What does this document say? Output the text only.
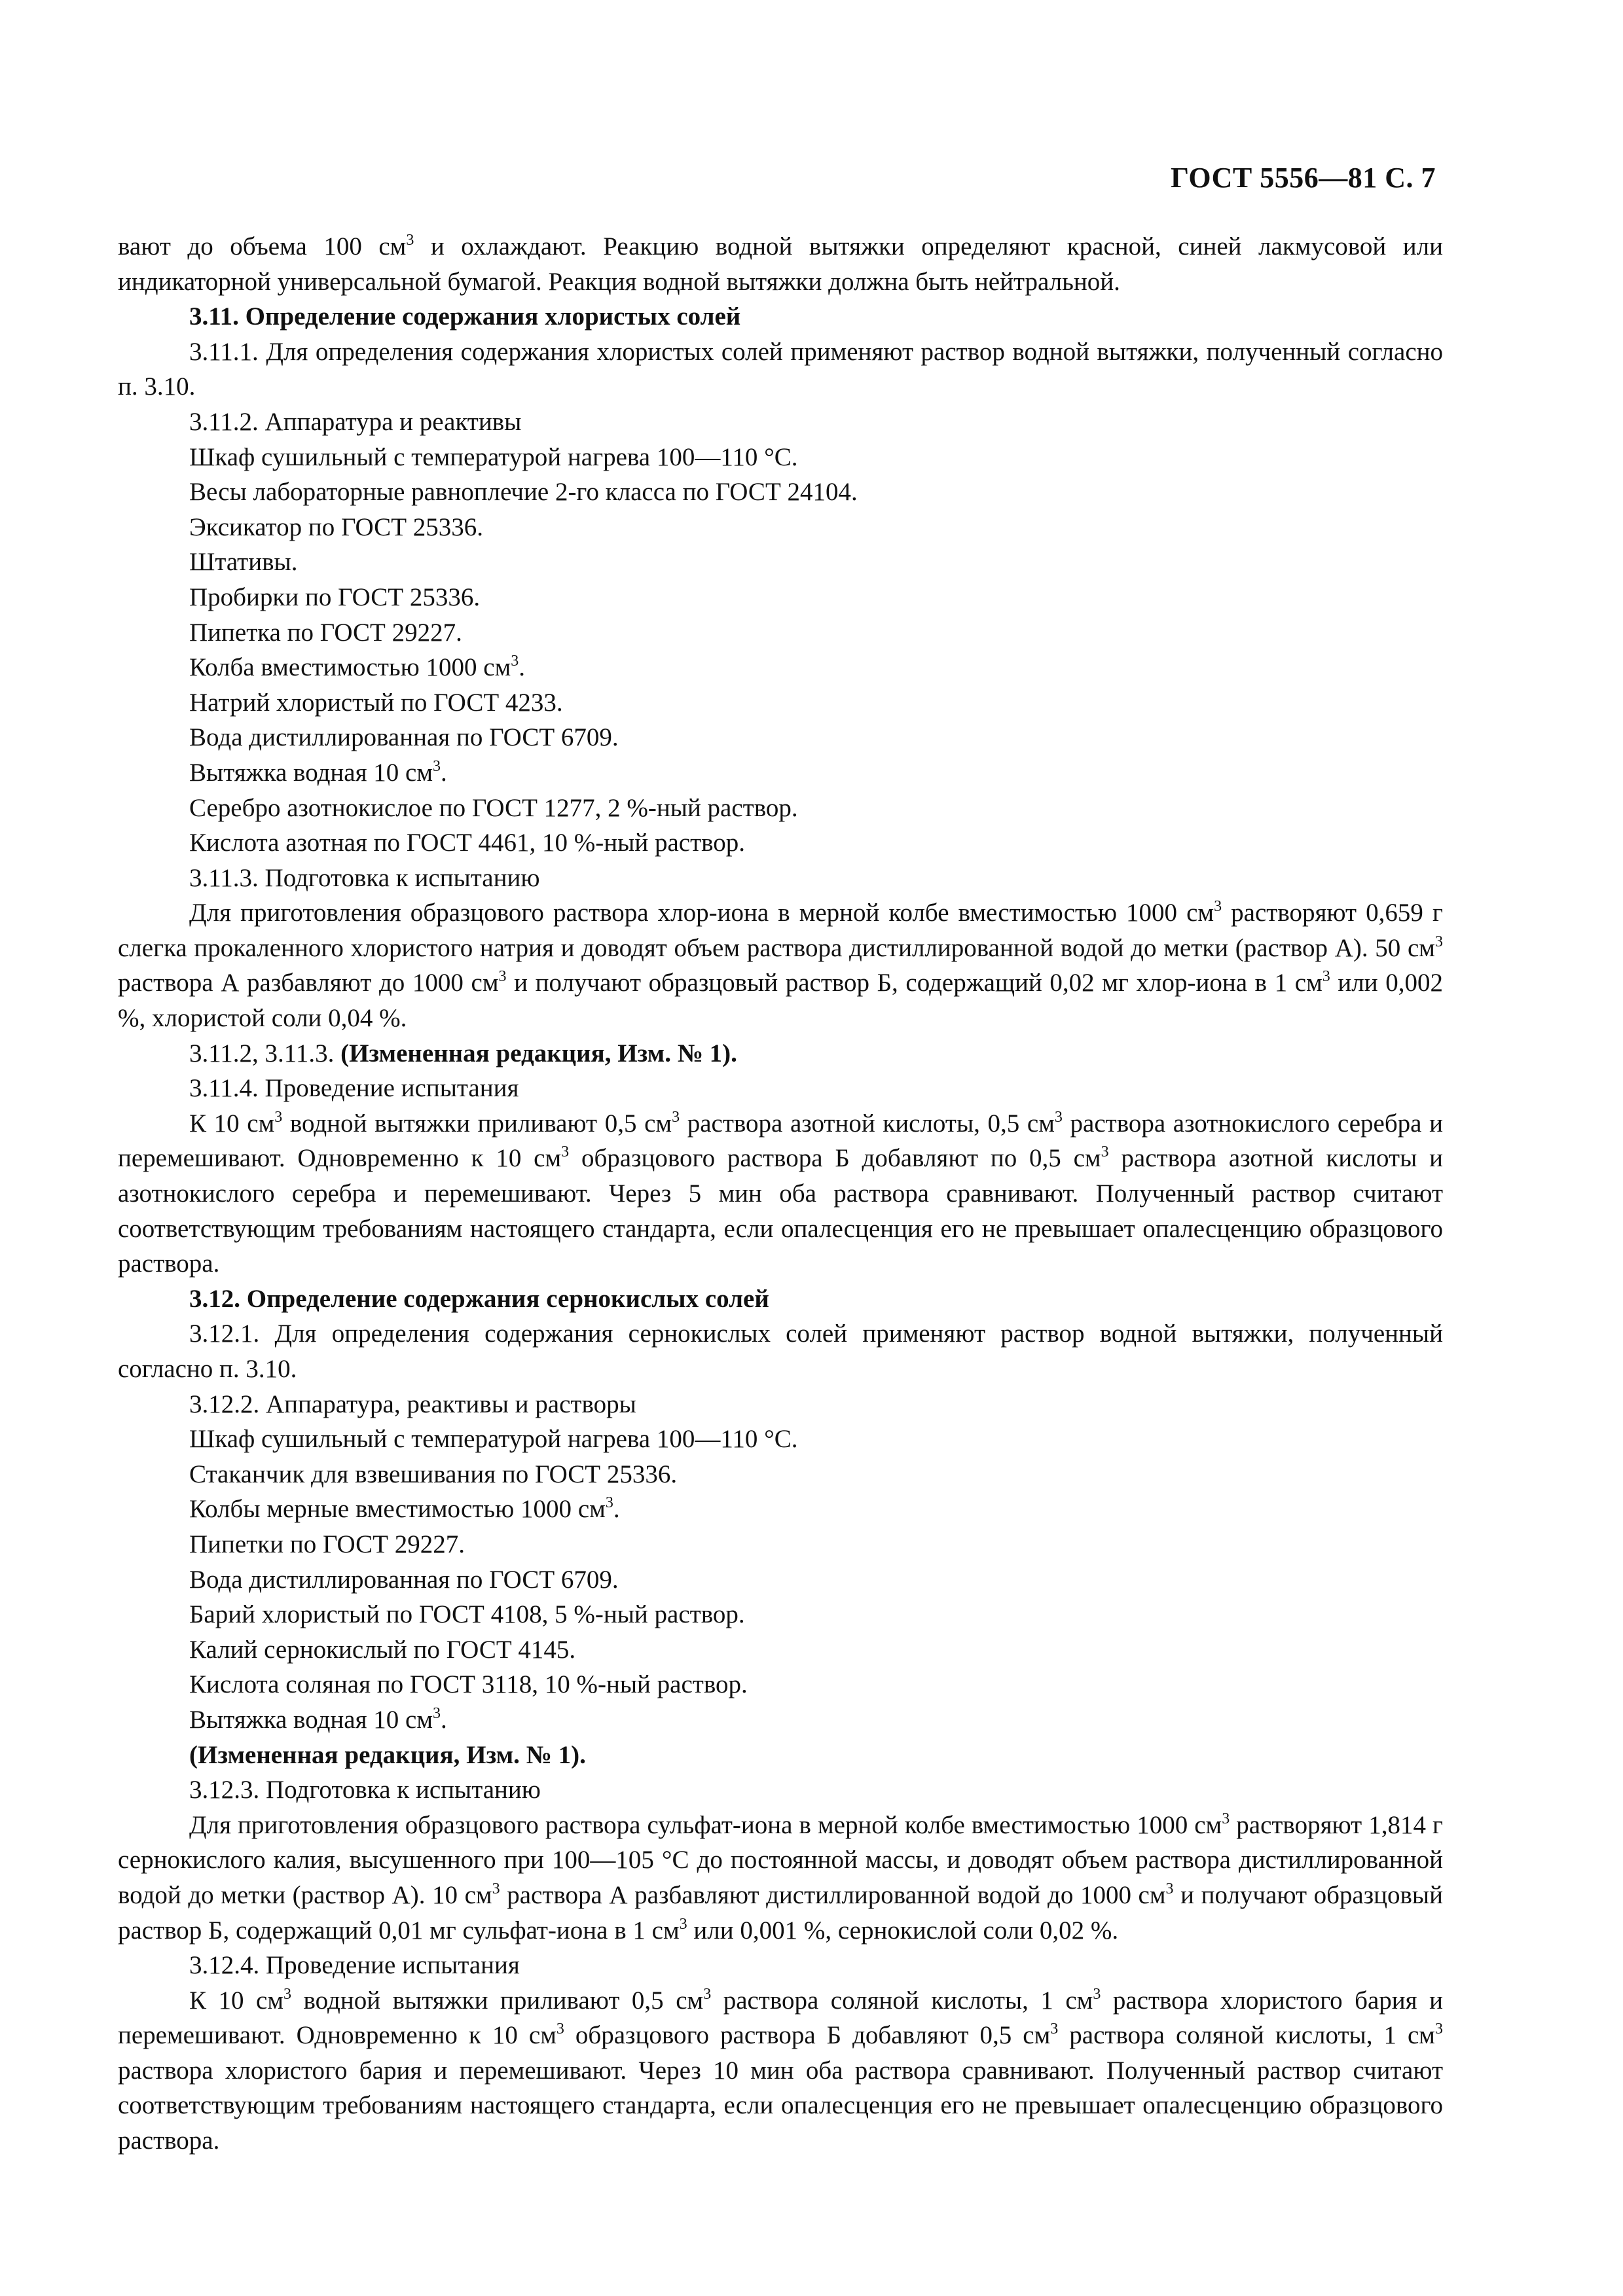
ГОСТ 5556—81 С. 7

вают до объема 100 $см^3$ и охлаждают. Реакцию водной вытяжки определяют красной, синей лакмусовой или индикаторной универсальной бумагой. Реакция водной вытяжки должна быть нейтральной.

3.11. Определение содержания хлористых солей

3.11.1. Для определения содержания хлористых солей применяют раствор водной вытяжки, полученный согласно п. 3.10.

3.11.2. Аппаратура и реактивы

Шкаф сушильный с температурой нагрева 100—110 °С.

Весы лабораторные равноплечие 2-го класса по ГОСТ 24104.

Эксикатор по ГОСТ 25336.

Штативы.

Пробирки по ГОСТ 25336.

Пипетка по ГОСТ 29227.

Колба вместимостью 1000 $см^3$.

Натрий хлористый по ГОСТ 4233.

Вода дистиллированная по ГОСТ 6709.

Вытяжка водная 10 $см^3$.

Серебро азотнокислое по ГОСТ 1277, 2 %-ный раствор.

Кислота азотная по ГОСТ 4461, 10 %-ный раствор.

3.11.3. Подготовка к испытанию

Для приготовления образцового раствора хлор-иона в мерной колбе вместимостью 1000 $см^3$ растворяют 0,659 г слегка прокаленного хлористого натрия и доводят объем раствора дистиллированной водой до метки (раствор А). 50 $см^3$ раствора А разбавляют до 1000 $см^3$ и получают образцовый раствор Б, содержащий 0,02 мг хлор-иона в 1 $см^3$ или 0,002 %, хлористой соли 0,04 %.

3.11.2, 3.11.3. (Измененная редакция, Изм. № 1).

3.11.4. Проведение испытания

К 10 $см^3$ водной вытяжки приливают 0,5 $см^3$ раствора азотной кислоты, 0,5 $см^3$ раствора азотнокислого серебра и перемешивают. Одновременно к 10 $см^3$ образцового раствора Б добавляют по 0,5 $см^3$ раствора азотной кислоты и азотнокислого серебра и перемешивают. Через 5 мин оба раствора сравнивают. Полученный раствор считают соответствующим требованиям настоящего стандарта, если опалесценция его не превышает опалесценцию образцового раствора.

3.12. Определение содержания сернокислых солей

3.12.1. Для определения содержания сернокислых солей применяют раствор водной вытяжки, полученный согласно п. 3.10.

3.12.2. Аппаратура, реактивы и растворы

Шкаф сушильный с температурой нагрева 100—110 °С.

Стаканчик для взвешивания по ГОСТ 25336.

Колбы мерные вместимостью 1000 $см^3$.

Пипетки по ГОСТ 29227.

Вода дистиллированная по ГОСТ 6709.

Барий хлористый по ГОСТ 4108, 5 %-ный раствор.

Калий сернокислый по ГОСТ 4145.

Кислота соляная по ГОСТ 3118, 10 %-ный раствор.

Вытяжка водная 10 $см^3$.

(Измененная редакция, Изм. № 1).

3.12.3. Подготовка к испытанию

Для приготовления образцового раствора сульфат-иона в мерной колбе вместимостью 1000 $см^3$ растворяют 1,814 г сернокислого калия, высушенного при 100—105 °С до постоянной массы, и доводят объем раствора дистиллированной водой до метки (раствор А). 10 $см^3$ раствора А разбавляют дистиллированной водой до 1000 $см^3$ и получают образцовый раствор Б, содержащий 0,01 мг сульфат-иона в 1 $см^3$ или 0,001 %, сернокислой соли 0,02 %.

3.12.4. Проведение испытания

К 10 $см^3$ водной вытяжки приливают 0,5 $см^3$ раствора соляной кислоты, 1 $см^3$ раствора хлористого бария и перемешивают. Одновременно к 10 $см^3$ образцового раствора Б добавляют 0,5 $см^3$ раствора соляной кислоты, 1 $см^3$ раствора хлористого бария и перемешивают. Через 10 мин оба раствора сравнивают. Полученный раствор считают соответствующим требованиям настоящего стандарта, если опалесценция его не превышает опалесценцию образцового раствора.
